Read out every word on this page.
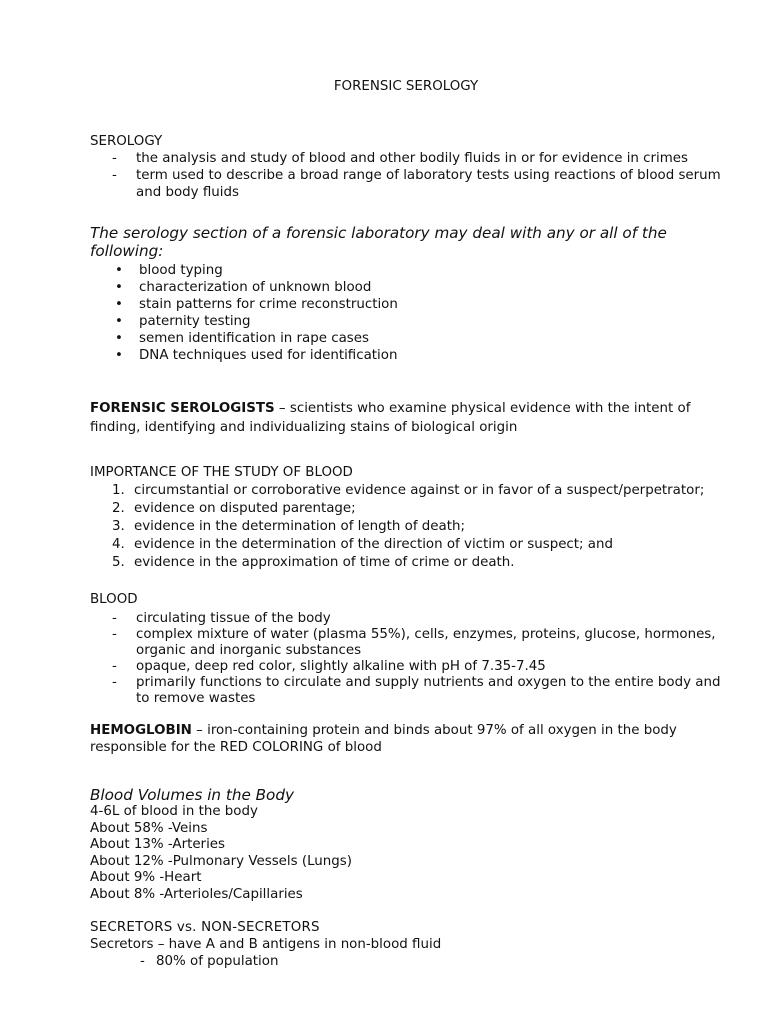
FORENSIC SEROLOGY
SEROLOGY
- the analysis and study of blood and other bodily fluids in or for evidence in crimes
- term used to describe a broad range of laboratory tests using reactions of blood serum and body fluids
The serology section of a forensic laboratory may deal with any or all of the following:
• blood typing
• characterization of unknown blood
• stain patterns for crime reconstruction
• paternity testing
• semen identification in rape cases
• DNA techniques used for identification
FORENSIC SEROLOGISTS – scientists who examine physical evidence with the intent of finding, identifying and individualizing stains of biological origin
IMPORTANCE OF THE STUDY OF BLOOD
1. circumstantial or corroborative evidence against or in favor of a suspect/perpetrator;
2. evidence on disputed parentage;
3. evidence in the determination of length of death;
4. evidence in the determination of the direction of victim or suspect; and
5. evidence in the approximation of time of crime or death.
BLOOD
- circulating tissue of the body
- complex mixture of water (plasma 55%), cells, enzymes, proteins, glucose, hormones, organic and inorganic substances
- opaque, deep red color, slightly alkaline with pH of 7.35-7.45
- primarily functions to circulate and supply nutrients and oxygen to the entire body and to remove wastes
HEMOGLOBIN – iron-containing protein and binds about 97% of all oxygen in the body responsible for the RED COLORING of blood
Blood Volumes in the Body
4-6L of blood in the body
About 58% -Veins
About 13% -Arteries
About 12% -Pulmonary Vessels (Lungs)
About 9% -Heart
About 8% -Arterioles/Capillaries
SECRETORS vs. NON-SECRETORS
Secretors – have A and B antigens in non-blood fluid
- 80% of population
